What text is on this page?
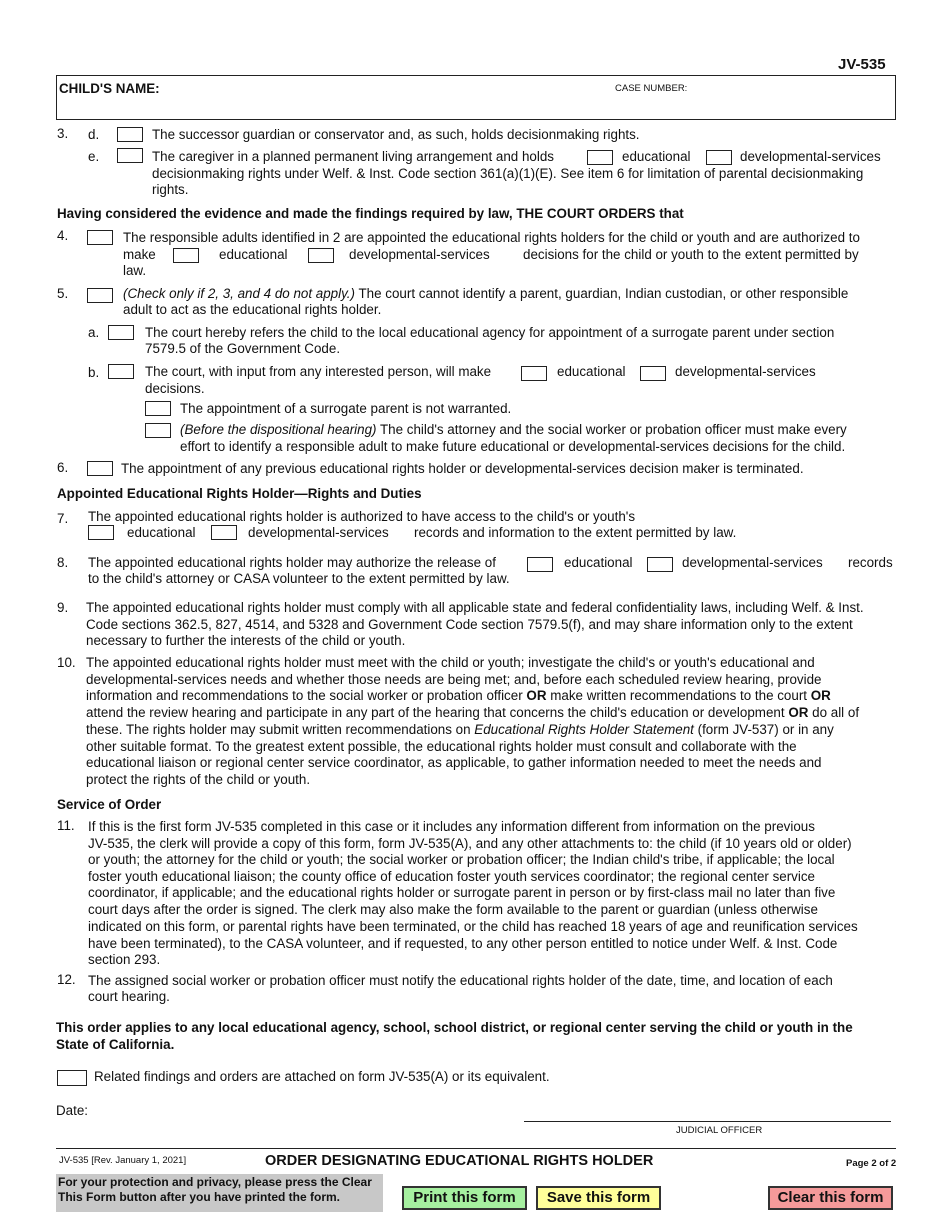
JV-535
CHILD'S NAME:	CASE NUMBER:
3. d.	The successor guardian or conservator and, as such, holds decisionmaking rights.
e.	The caregiver in a planned permanent living arrangement and holds	educational	developmental-services
decisionmaking rights under Welf. & Inst. Code section 361(a)(1)(E). See item 6 for limitation of parental decisionmaking
rights.
Having considered the evidence and made the findings required by law, THE COURT ORDERS that
4.	The responsible adults identified in 2 are appointed the educational rights holders for the child or youth and are authorized to
make	educational	developmental-services decisions for the child or youth to the extent permitted by
law.
5.	(Check only if 2, 3, and 4 do not apply.) The court cannot identify a parent, guardian, Indian custodian, or other responsible
adult to act as the educational rights holder.
a.	The court hereby refers the child to the local educational agency for appointment of a surrogate parent under section
7579.5 of the Government Code.
b.	The court, with input from any interested person, will make	educational	developmental-services
decisions.
The appointment of a surrogate parent is not warranted.
(Before the dispositional hearing) The child's attorney and the social worker or probation officer must make every
effort to identify a responsible adult to make future educational or developmental-services decisions for the child.
6.	The appointment of any previous educational rights holder or developmental-services decision maker is terminated.
Appointed Educational Rights Holder—Rights and Duties
7. The appointed educational rights holder is authorized to have access to the child's or youth's
educational	developmental-services records and information to the extent permitted by law.
8. The appointed educational rights holder may authorize the release of	educational	developmental-services records
to the child's attorney or CASA volunteer to the extent permitted by law.
9. The appointed educational rights holder must comply with all applicable state and federal confidentiality laws, including Welf. & Inst.
Code sections 362.5, 827, 4514, and 5328 and Government Code section 7579.5(f), and may share information only to the extent
necessary to further the interests of the child or youth.
10. The appointed educational rights holder must meet with the child or youth; investigate the child's or youth's educational and
developmental-services needs and whether those needs are being met; and, before each scheduled review hearing, provide
information and recommendations to the social worker or probation officer OR make written recommendations to the court OR
attend the review hearing and participate in any part of the hearing that concerns the child's education or development OR do all of
these. The rights holder may submit written recommendations on Educational Rights Holder Statement (form JV-537) or in any
other suitable format. To the greatest extent possible, the educational rights holder must consult and collaborate with the
educational liaison or regional center service coordinator, as applicable, to gather information needed to meet the needs and
protect the rights of the child or youth.
Service of Order
11. If this is the first form JV-535 completed in this case or it includes any information different from information on the previous
JV-535, the clerk will provide a copy of this form, form JV-535(A), and any other attachments to: the child (if 10 years old or older)
or youth; the attorney for the child or youth; the social worker or probation officer; the Indian child's tribe, if applicable; the local
foster youth educational liaison; the county office of education foster youth services coordinator; the regional center service
coordinator, if applicable; and the educational rights holder or surrogate parent in person or by first-class mail no later than five
court days after the order is signed. The clerk may also make the form available to the parent or guardian (unless otherwise
indicated on this form, or parental rights have been terminated, or the child has reached 18 years of age and reunification services
have been terminated), to the CASA volunteer, and if requested, to any other person entitled to notice under Welf. & Inst. Code
section 293.
12. The assigned social worker or probation officer must notify the educational rights holder of the date, time, and location of each
court hearing.
This order applies to any local educational agency, school, school district, or regional center serving the child or youth in the
State of California.
Related findings and orders are attached on form JV-535(A) or its equivalent.
Date:
JUDICIAL OFFICER
JV-535 [Rev. January 1, 2021]	ORDER DESIGNATING EDUCATIONAL RIGHTS HOLDER	Page 2 of 2
For your protection and privacy, please press the Clear
This Form button after you have printed the form.	Print this form	Save this form	Clear this form
